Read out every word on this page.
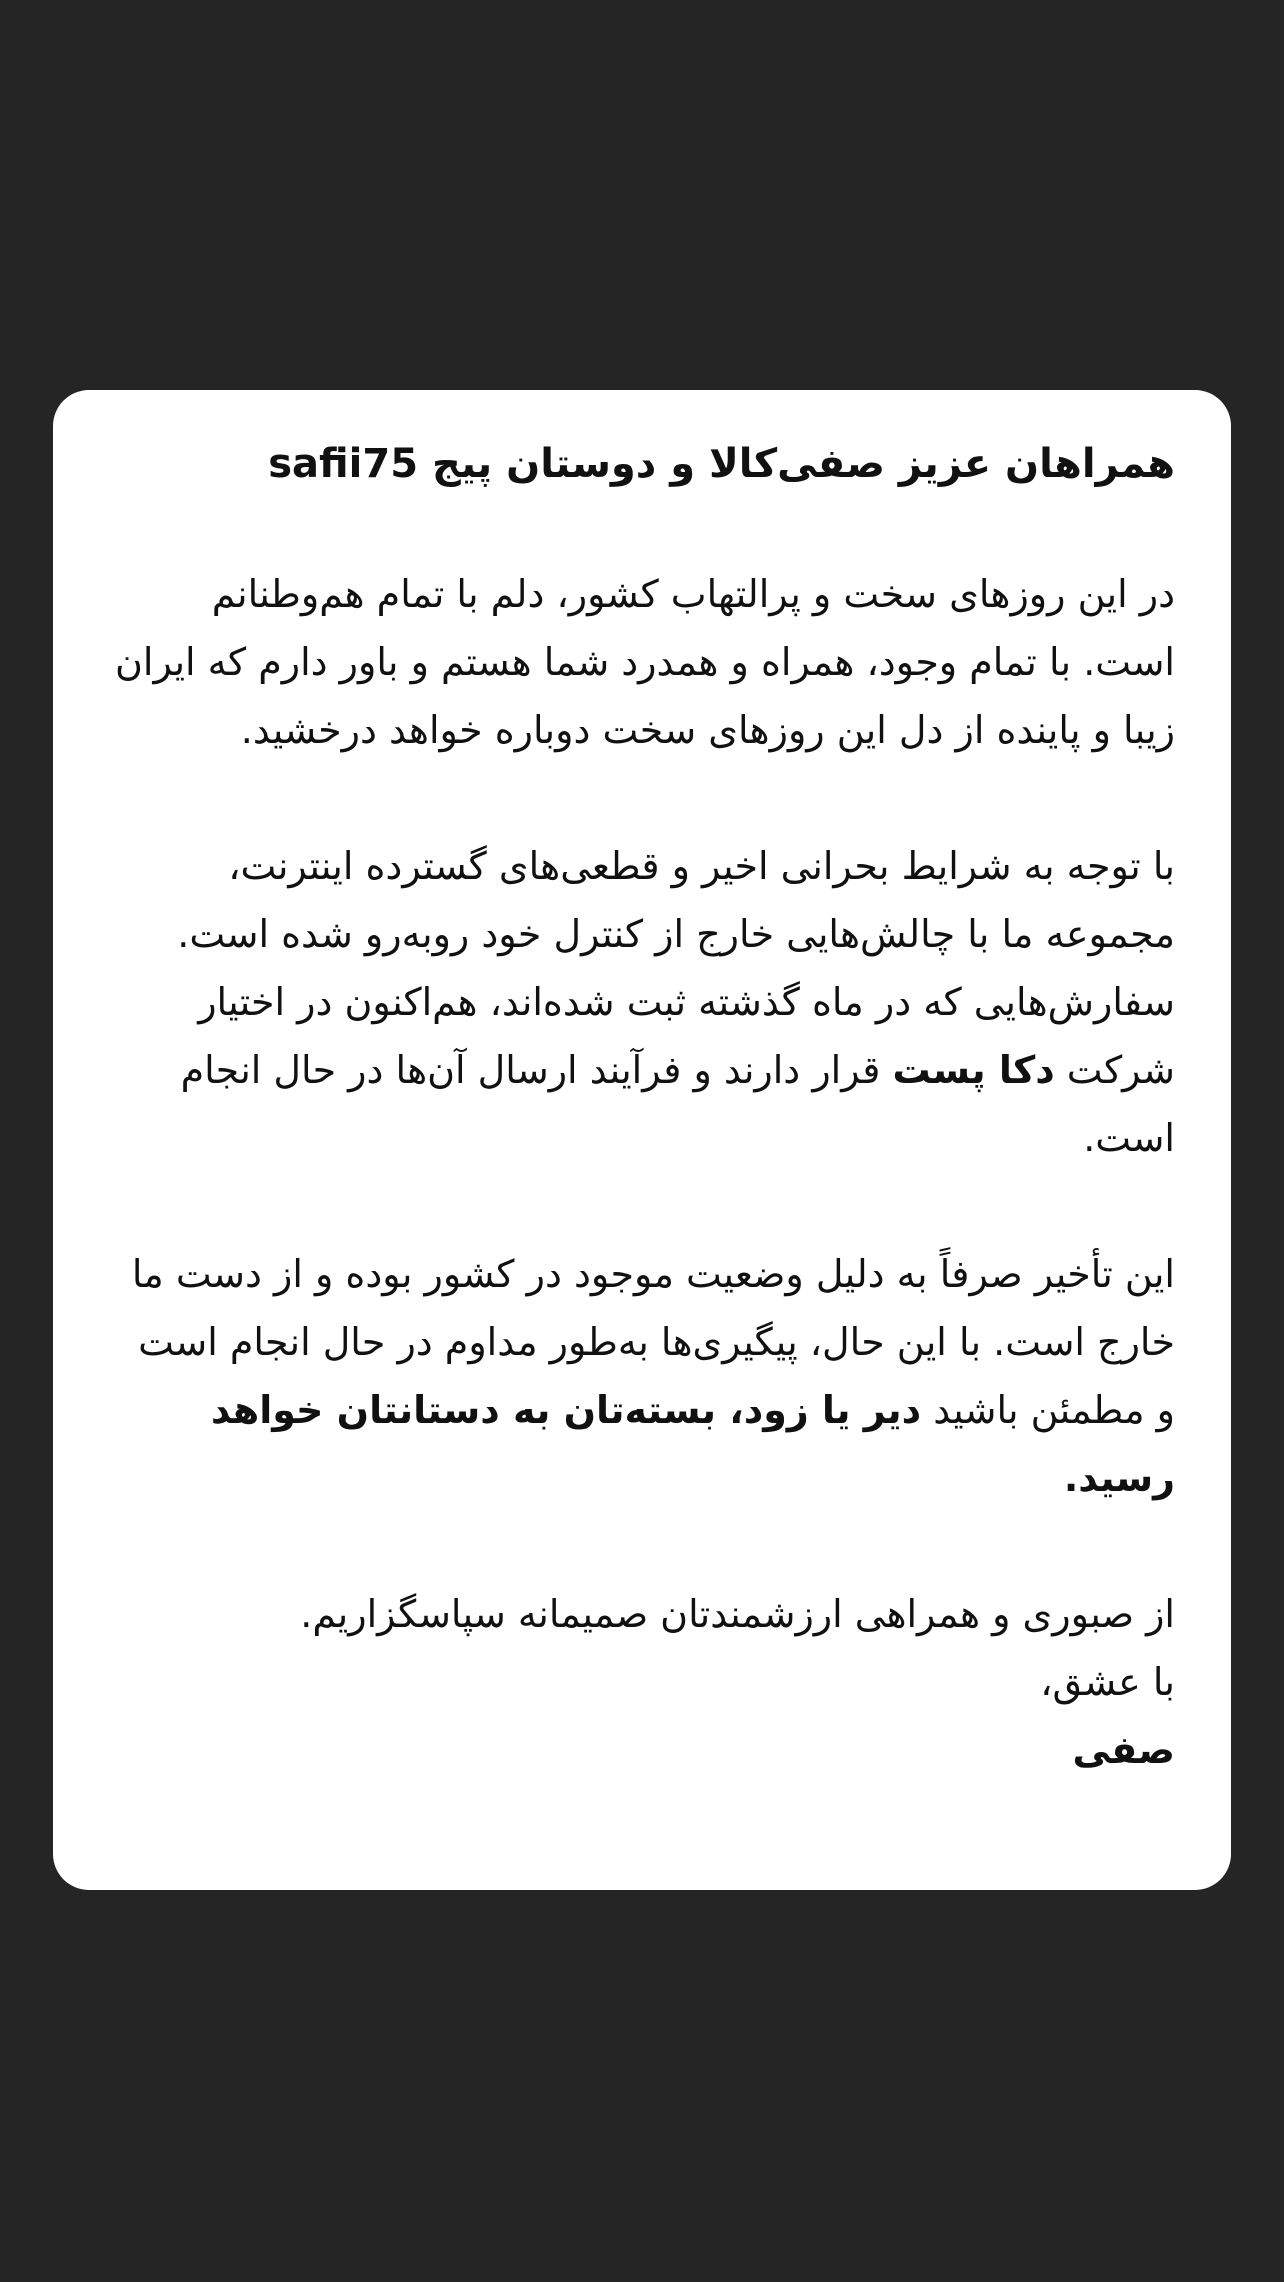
همراهان عزیز صفی‌کالا و دوستان پیج safii75
در این روزهای سخت و پرالتهاب کشور، دلم با تمام هم‌وطنانم است. با تمام وجود، همراه و همدرد شما هستم و باور دارم که ایران زیبا و پاینده از دل این روزهای سخت دوباره خواهد درخشید.
با توجه به شرایط بحرانی اخیر و قطعی‌های گسترده اینترنت، مجموعه ما با چالش‌هایی خارج از کنترل خود روبه‌رو شده است. سفارش‌هایی که در ماه گذشته ثبت شده‌اند، هم‌اکنون در اختیار شرکت دکا پست قرار دارند و فرآیند ارسال آن‌ها در حال انجام است.
این تأخیر صرفاً به دلیل وضعیت موجود در کشور بوده و از دست ما خارج است. با این حال، پیگیری‌ها به‌طور مداوم در حال انجام است و مطمئن باشید دیر یا زود، بسته‌تان به دستانتان خواهد رسید.
از صبوری و همراهی ارزشمندتان صمیمانه سپاسگزاریم.
با عشق،
صفی
